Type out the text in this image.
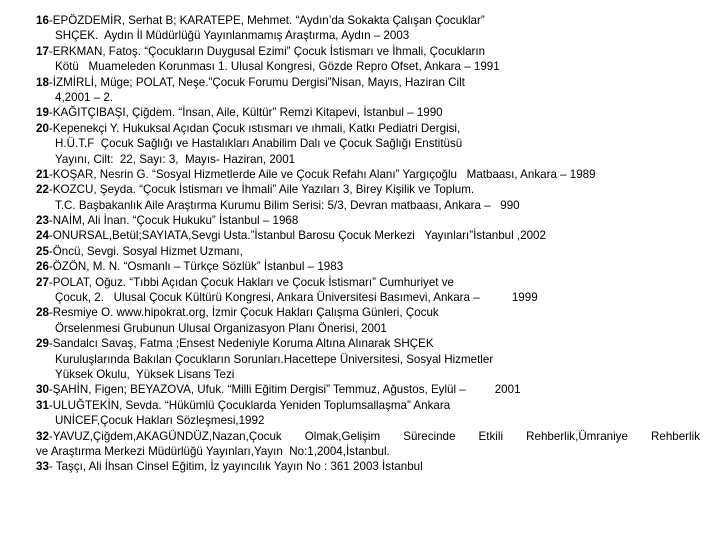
16-EPÖZDEMİR, Serhat B; KARATEPE, Mehmet. “Aydın’da Sokakta Çalışan Çocuklar”
SHÇEK.  Aydın İl Müdürlüğü Yayınlanmamış Araştırma, Aydın – 2003
17-ERKMAN, Fatoş. “Çocukların Duygusal Ezimi” Çocuk İstismarı ve İhmali, Çocukların
Kötü   Muameleden Korunması 1. Ulusal Kongresi, Gözde Repro Ofset, Ankara – 1991
18-İZMİRLİ, Müge; POLAT, Neşe.”Çocuk Forumu Dergisi”Nisan, Mayıs, Haziran Cilt
4,2001 – 2.
19-KAĞITÇIBAŞI, Çiğdem. “İnsan, Aile, Kültür” Remzi Kitapevi, İstanbul – 1990
20-Kepenekçi Y. Hukuksal Açıdan Çocuk ıstısmarı ve ıhmali, Katkı Pediatri Dergisi,
H.Ü.T.F  Çocuk Sağlığı ve Hastalıkları Anabilim Dalı ve Çocuk Sağlığı Enstitüsü
Yayını, Cilt:  22, Sayı: 3,  Mayıs- Haziran, 2001
21-KOŞAR, Nesrin G. “Sosyal Hizmetlerde Aile ve Çocuk Refahı Alanı” Yargıçoğlu   Matbaası, Ankara – 1989
22-KOZCU, Şeyda. “Çocuk İstismarı ve İhmali” Aile Yazıları 3, Birey Kişilik ve Toplum.
T.C. Başbakanlık Aile Araştırma Kurumu Bilim Serisi: 5/3, Devran matbaası, Ankara –   990
23-NAİM, Ali İnan. “Çocuk Hukuku” İstanbul – 1968
24-ONURSAL,Betül;SAYIATA,Sevgi Usta.”İstanbul Barosu Çocuk Merkezi   Yayınları”İstanbul ,2002
25-Öncü, Sevgi. Sosyal Hizmet Uzmanı,
26-ÖZÖN, M. N. “Osmanlı – Türkçe Sözlük” İstanbul – 1983
27-POLAT, Oğuz. “Tıbbi Açıdan Çocuk Hakları ve Çocuk İstismarı” Cumhuriyet ve
Çocuk, 2.   Ulusal Çocuk Kültürü Kongresi, Ankara Üniversitesi Basımevi, Ankara –          1999
28-Resmiye O. www.hipokrat.org, İzmir Çocuk Hakları Çalışma Günleri, Çocuk
Örselenmesi Grubunun Ulusal Organizasyon Planı Önerisi, 2001
29-Sandalcı Savaş, Fatma ;Ensest Nedeniyle Koruma Altına Alınarak SHÇEK
Kuruluşlarında Bakılan Çocukların Sorunları.Hacettepe Üniversitesi, Sosyal Hizmetler
Yüksek Okulu,  Yüksek Lisans Tezi
30-ŞAHİN, Figen; BEYAZOVA, Ufuk. “Milli Eğitim Dergisi” Temmuz, Ağustos, Eylül –         2001
31-ULUĞTEKİN, Sevda. “Hükümlü Çocuklarda Yeniden Toplumsallaşma” Ankara
UNİCEF,Çocuk Hakları Sözleşmesi,1992
32-YAVUZ,Çiğdem,AKAGÜNDÜZ,Nazan,Çocuk Olmak,Gelişim Sürecinde Etkili Rehberlik,Ümraniye Rehberlik
ve Araştırma Merkezi Müdürlüğü Yayınları,Yayın  No:1,2004,İstanbul.
33- Taşçı, Ali İhsan Cinsel Eğitim, İz yayıncılık Yayın No : 361 2003 İstanbul
